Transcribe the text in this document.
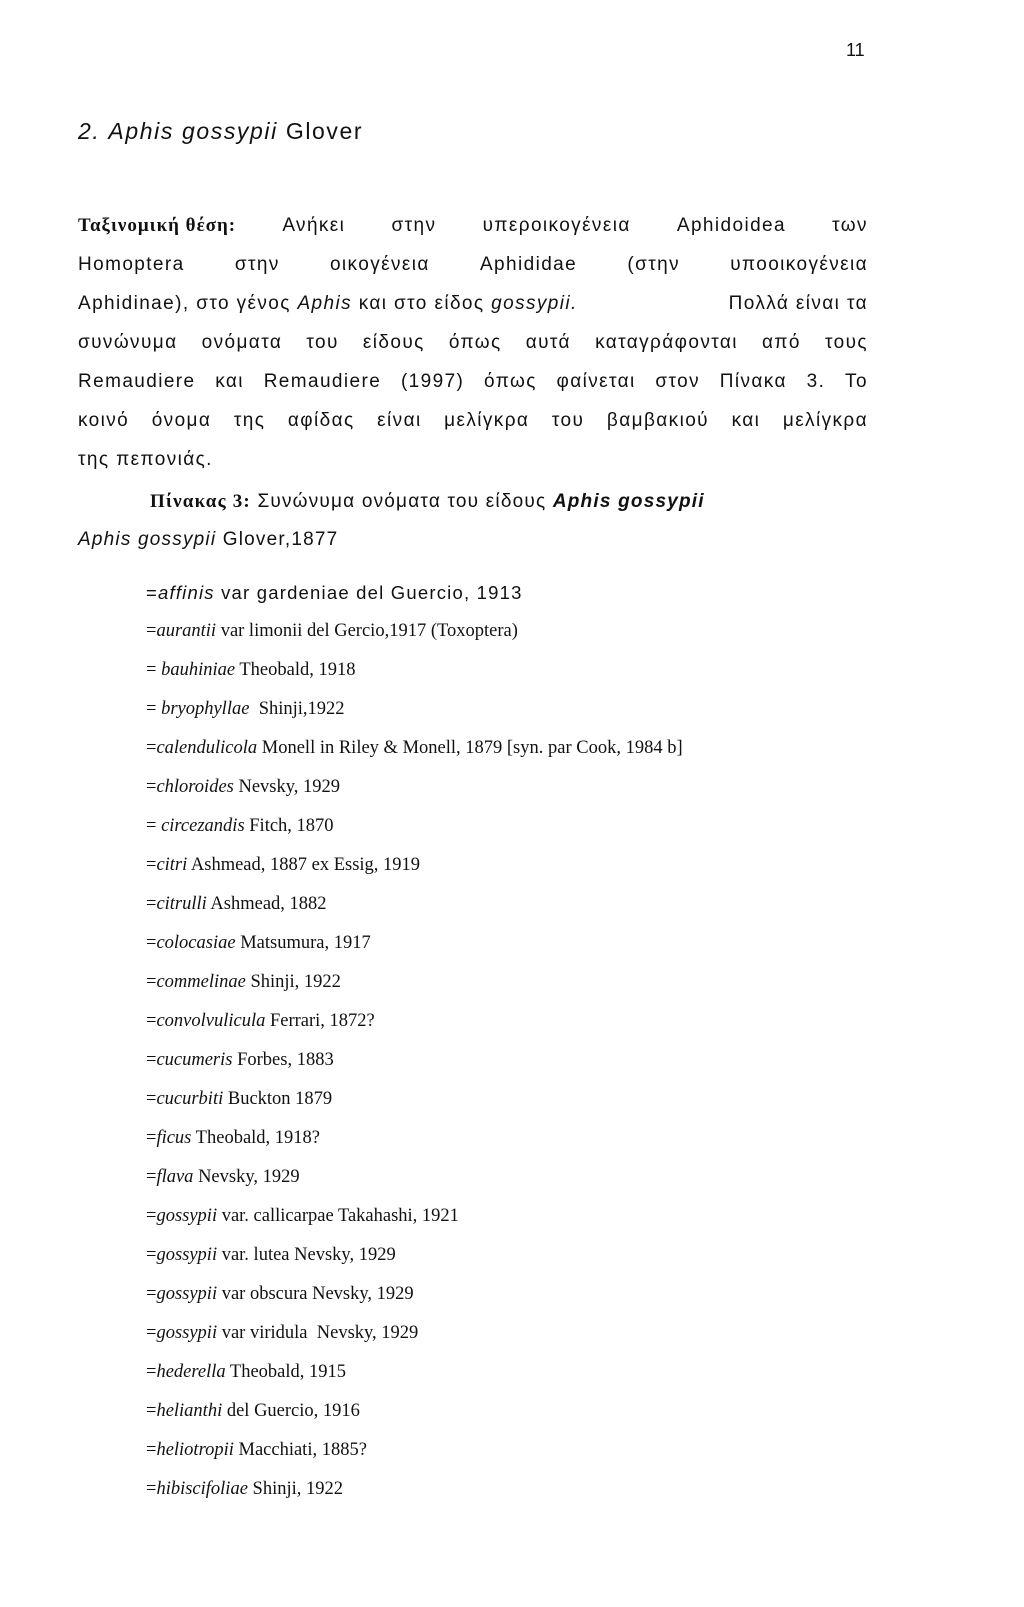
11
2. Aphis gossypii Glover
Ταξινομική θέση: Ανήκει στην υπεροικογένεια Aphidoidea των
Homoptera	στην	οικογένεια	Aphididae	(στην	υποοικογένεια
Aphidinae), στο γένος Aphis και στο είδος gossypii.	Πολλά είναι τα
συνώνυμα ονόματα του είδους όπως αυτά καταγράφονται από τους
Remaudiere και Remaudiere (1997) όπως φαίνεται στον Πίνακα 3. Το
κοινό όνομα της αφίδας είναι μελίγκρα του βαμβακιού και μελίγκρα
της πεπονιάς.
Πίνακας 3: Συνώνυμα ονόματα του είδους Aphis gossypii
Aphis gossypii Glover,1877
=affinis var gardeniae del Guercio, 1913
=aurantii var limonii del Gercio,1917 (Toxoptera)
= bauhiniae Theobald, 1918
= bryophyllae  Shinji,1922
=calendulicola Monell in Riley & Monell, 1879 [syn. par Cook, 1984 b]
=chloroides Nevsky, 1929
= circezandis Fitch, 1870
=citri Ashmead, 1887 ex Essig, 1919
=citrulli Ashmead, 1882
=colocasiae Matsumura, 1917
=commelinae Shinji, 1922
=convolvulicula Ferrari, 1872?
=cucumeris Forbes, 1883
=cucurbiti Buckton 1879
=ficus Theobald, 1918?
=flava Nevsky, 1929
=gossypii var. callicarpae Takahashi, 1921
=gossypii var. lutea Nevsky, 1929
=gossypii var obscura Nevsky, 1929
=gossypii var viridula  Nevsky, 1929
=hederella Theobald, 1915
=helianthi del Guercio, 1916
=heliotropii Macchiati, 1885?
=hibiscifoliae Shinji, 1922
